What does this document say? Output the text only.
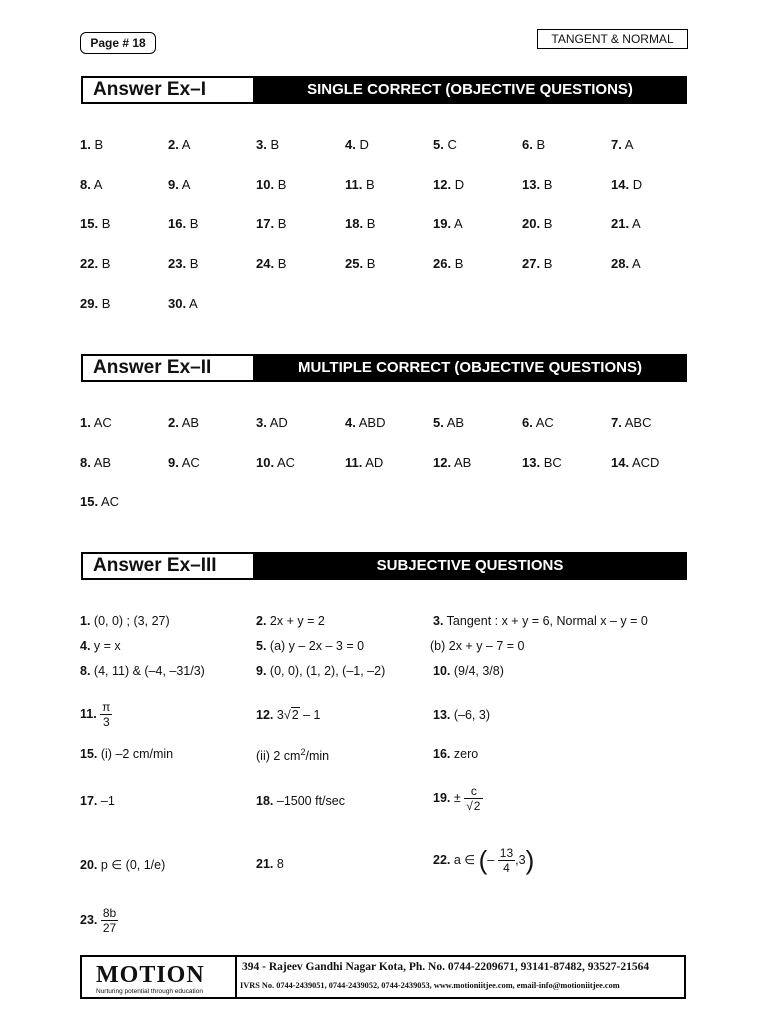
Page # 18	TANGENT & NORMAL
Answer Ex–I	SINGLE CORRECT (OBJECTIVE QUESTIONS)
1. B	2. A	3. B	4. D	5. C	6. B	7. A
8. A	9. A	10. B	11. B	12. D	13. B	14. D
15. B	16. B	17. B	18. B	19. A	20. B	21. A
22. B	23. B	24. B	25. B	26. B	27. B	28. A
29. B	30. A
Answer Ex–II	MULTIPLE CORRECT (OBJECTIVE QUESTIONS)
1. AC	2. AB	3. AD	4. ABD	5. AB	6. AC	7. ABC
8. AB	9. AC	10. AC	11. AD	12. AB	13. BC	14. ACD
15. AC
Answer Ex–III	SUBJECTIVE QUESTIONS
1. (0, 0) ; (3, 27)	2. 2x + y = 2	3. Tangent : x + y = 6, Normal x – y = 0
4. y = x	5. (a) y – 2x – 3 = 0	(b) 2x + y – 7 = 0
8. (4, 11) & (–4, –31/3)	9. (0, 0), (1, 2), (–1, –2)	10. (9/4, 3/8)
11. $\frac{\pi}{3}$	12. 3√2 – 1	13. (–6, 3)
15. (i) –2 cm/min	(ii) 2 $cm^2/\min$	16. zero
17. –1	18. –1500 ft/sec	19. ± $\frac{c}{√2}$
20. p ∈ (0, 1/e)	21. 8	22. a ∈ (– $\frac{13}{4} ,3$)
23. $\frac{8b}{27}$
MOTION
Nurturing potential through education
394 - Rajeev Gandhi Nagar Kota, Ph. No. 0744-2209671, 93141-87482, 93527-21564
IVRS No. 0744-2439051, 0744-2439052, 0744-2439053, www.motioniitjee.com, email-info@motioniitjee.com
